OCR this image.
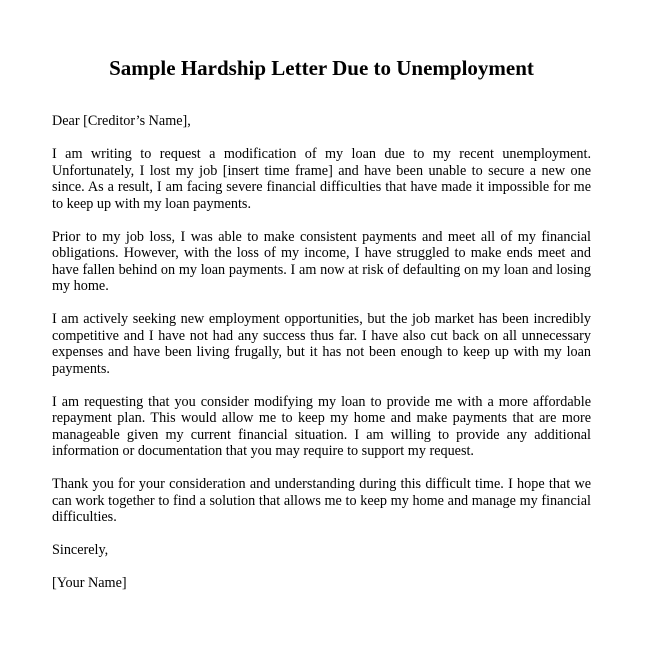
Sample Hardship Letter Due to Unemployment

Dear [Creditor’s Name],

I am writing to request a modification of my loan due to my recent unemployment. Unfortunately, I lost my job [insert time frame] and have been unable to secure a new one since. As a result, I am facing severe financial difficulties that have made it impossible for me to keep up with my loan payments.

Prior to my job loss, I was able to make consistent payments and meet all of my financial obligations. However, with the loss of my income, I have struggled to make ends meet and have fallen behind on my loan payments. I am now at risk of defaulting on my loan and losing my home.

I am actively seeking new employment opportunities, but the job market has been incredibly competitive and I have not had any success thus far. I have also cut back on all unnecessary expenses and have been living frugally, but it has not been enough to keep up with my loan payments.

I am requesting that you consider modifying my loan to provide me with a more affordable repayment plan. This would allow me to keep my home and make payments that are more manageable given my current financial situation. I am willing to provide any additional information or documentation that you may require to support my request.

Thank you for your consideration and understanding during this difficult time. I hope that we can work together to find a solution that allows me to keep my home and manage my financial difficulties.

Sincerely,

[Your Name]
